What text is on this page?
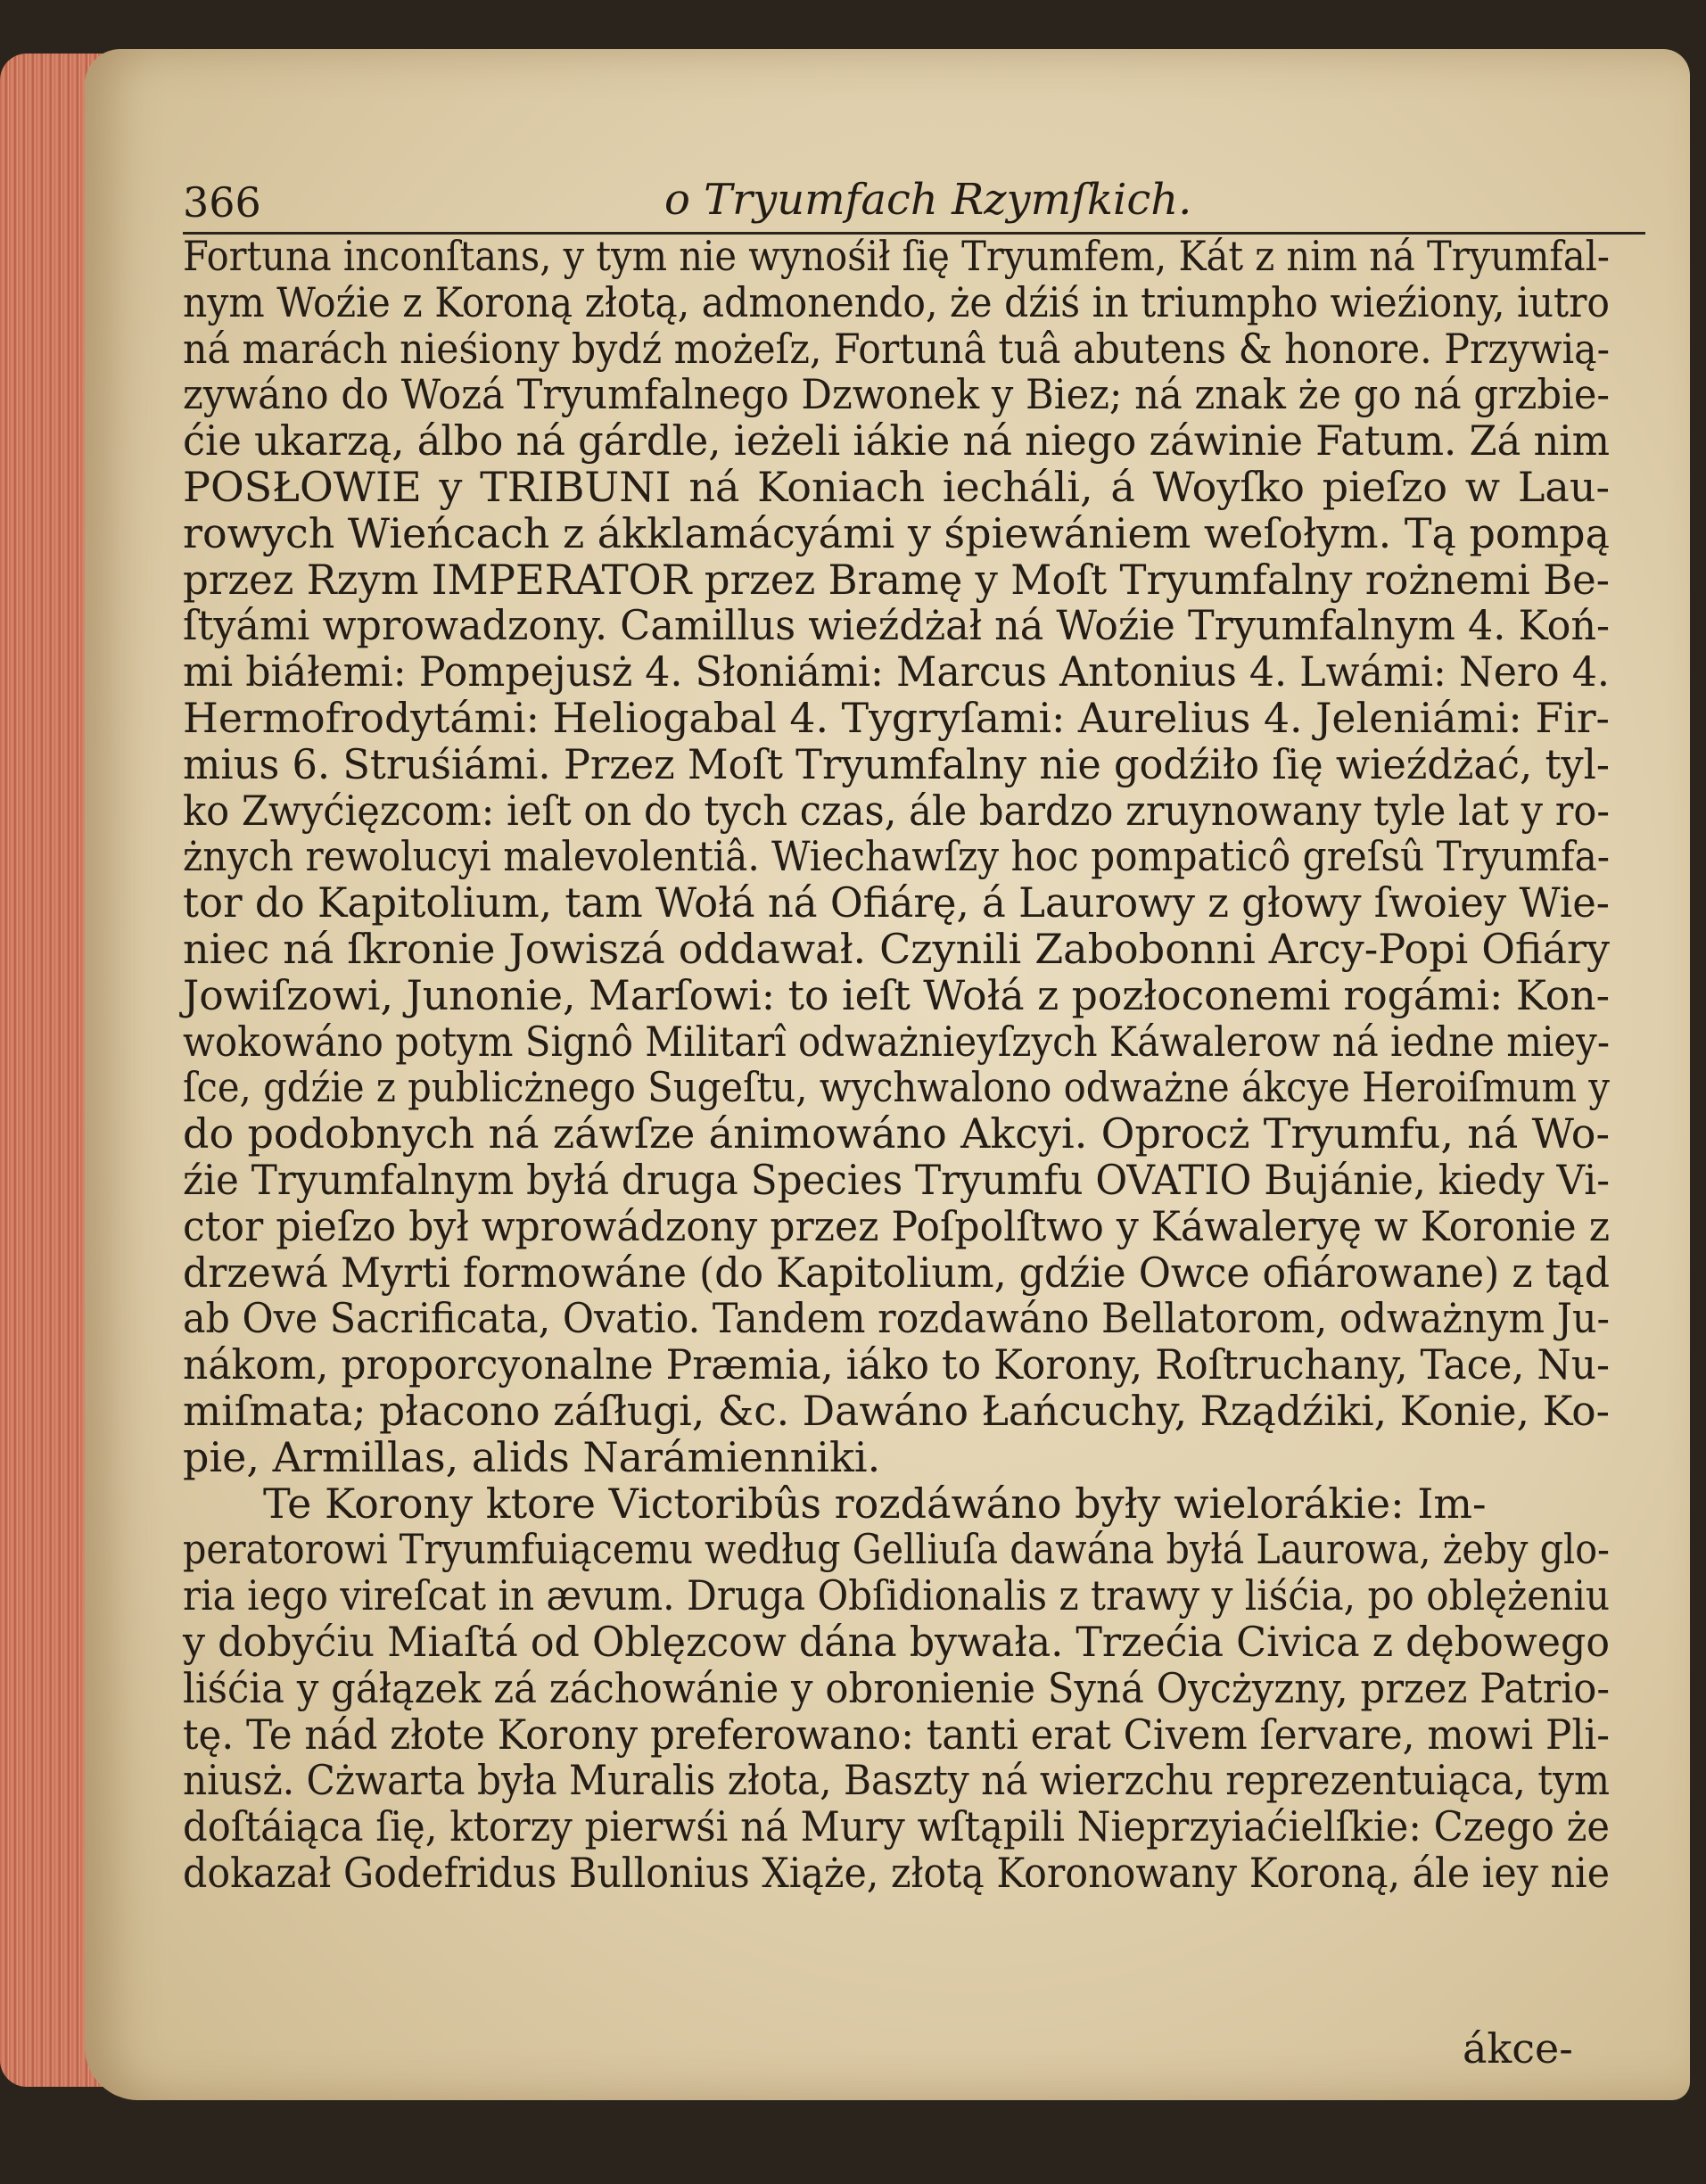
366	o Tryumfach Rzymſkich.
Fortuna inconſtans, y tym nie wynośił ſię Tryumfem, Kát z nim ná Tryumfal-
nym Woźie z Koroną złotą, admonendo, że dźiś in triumpho wieźiony, iutro
ná marách nieśiony bydź możeſz, Fortunâ tuâ abutens & honore. Przywią-
zywáno do Wozá Tryumfalnego Dzwonek y Biez; ná znak że go ná grzbie-
ćie ukarzą, álbo ná gárdle, ieżeli iákie ná niego záwinie Fatum. Zá nim
POSŁOWIE y TRIBUNI ná Koniach iecháli, á Woyſko pieſzo w Lau-
rowych Wieńcach z ákklamácyámi y śpiewániem weſołym. Tą pompą
przez Rzym IMPERATOR przez Bramę y Moſt Tryumfalny rożnemi Be-
ſtyámi wprowadzony. Camillus wieźdżał ná Woźie Tryumfalnym 4. Koń-
mi biáłemi: Pompejusż 4. Słoniámi: Marcus Antonius 4. Lwámi: Nero 4.
Hermofrodytámi: Heliogabal 4. Tygryſami: Aurelius 4. Jeleniámi: Fir-
mius 6. Struśiámi. Przez Moſt Tryumfalny nie godźiło ſię wieźdżać, tyl-
ko Zwyćięzcom: ieſt on do tych czas, ále bardzo zruynowany tyle lat y ro-
żnych rewolucyi malevolentiâ. Wiechawſzy hoc pompaticô greſsû Tryumfa-
tor do Kapitolium, tam Wołá ná Ofiárę, á Laurowy z głowy ſwoiey Wie-
niec ná ſkronie Jowiszá oddawał. Czynili Zabobonni Arcy-Popi Ofiáry
Jowiſzowi, Junonie, Marſowi: to ieſt Wołá z pozłoconemi rogámi: Kon-
wokowáno potym Signô Militarî odważnieyſzych Káwalerow ná iedne miey-
ſce, gdźie z publicżnego Sugeſtu, wychwalono odważne ákcye Heroiſmum y
do podobnych ná záwſze ánimowáno Akcyi. Oprocż Tryumfu, ná Wo-
źie Tryumfalnym byłá druga Species Tryumfu OVATIO Bujánie, kiedy Vi-
ctor pieſzo był wprowádzony przez Poſpolſtwo y Káwaleryę w Koronie z
drzewá Myrti formowáne (do Kapitolium, gdźie Owce ofiárowane) z tąd
ab Ove Sacrificata, Ovatio. Tandem rozdawáno Bellatorom, odważnym Ju-
nákom, proporcyonalne Præmia, iáko to Korony, Roſtruchany, Tace, Nu-
miſmata; płacono záſługi, &c. Dawáno Łańcuchy, Rządźiki, Konie, Ko-
pie, Armillas, alids Narámienniki.
Te Korony ktore Victoribûs rozdáwáno były wielorákie: Im-
peratorowi Tryumfuiącemu według Gelliuſa dawána byłá Laurowa, żeby glo-
ria iego vireſcat in ævum. Druga Obſidionalis z trawy y liśćia, po oblężeniu
y dobyćiu Miaſtá od Oblęzcow dána bywała. Trzećia Civica z dębowego
liśćia y gáłązek zá záchowánie y obronienie Syná Oycżyzny, przez Patrio-
tę. Te nád złote Korony preferowano: tanti erat Civem ſervare, mowi Pli-
niusż. Cżwarta była Muralis złota, Baszty ná wierzchu reprezentuiąca, tym
doſtáiąca ſię, ktorzy pierwśi ná Mury wſtąpili Nieprzyiaćielſkie: Czego że
dokazał Godefridus Bullonius Xiąże, złotą Koronowany Koroną, ále iey nie
ákce-
